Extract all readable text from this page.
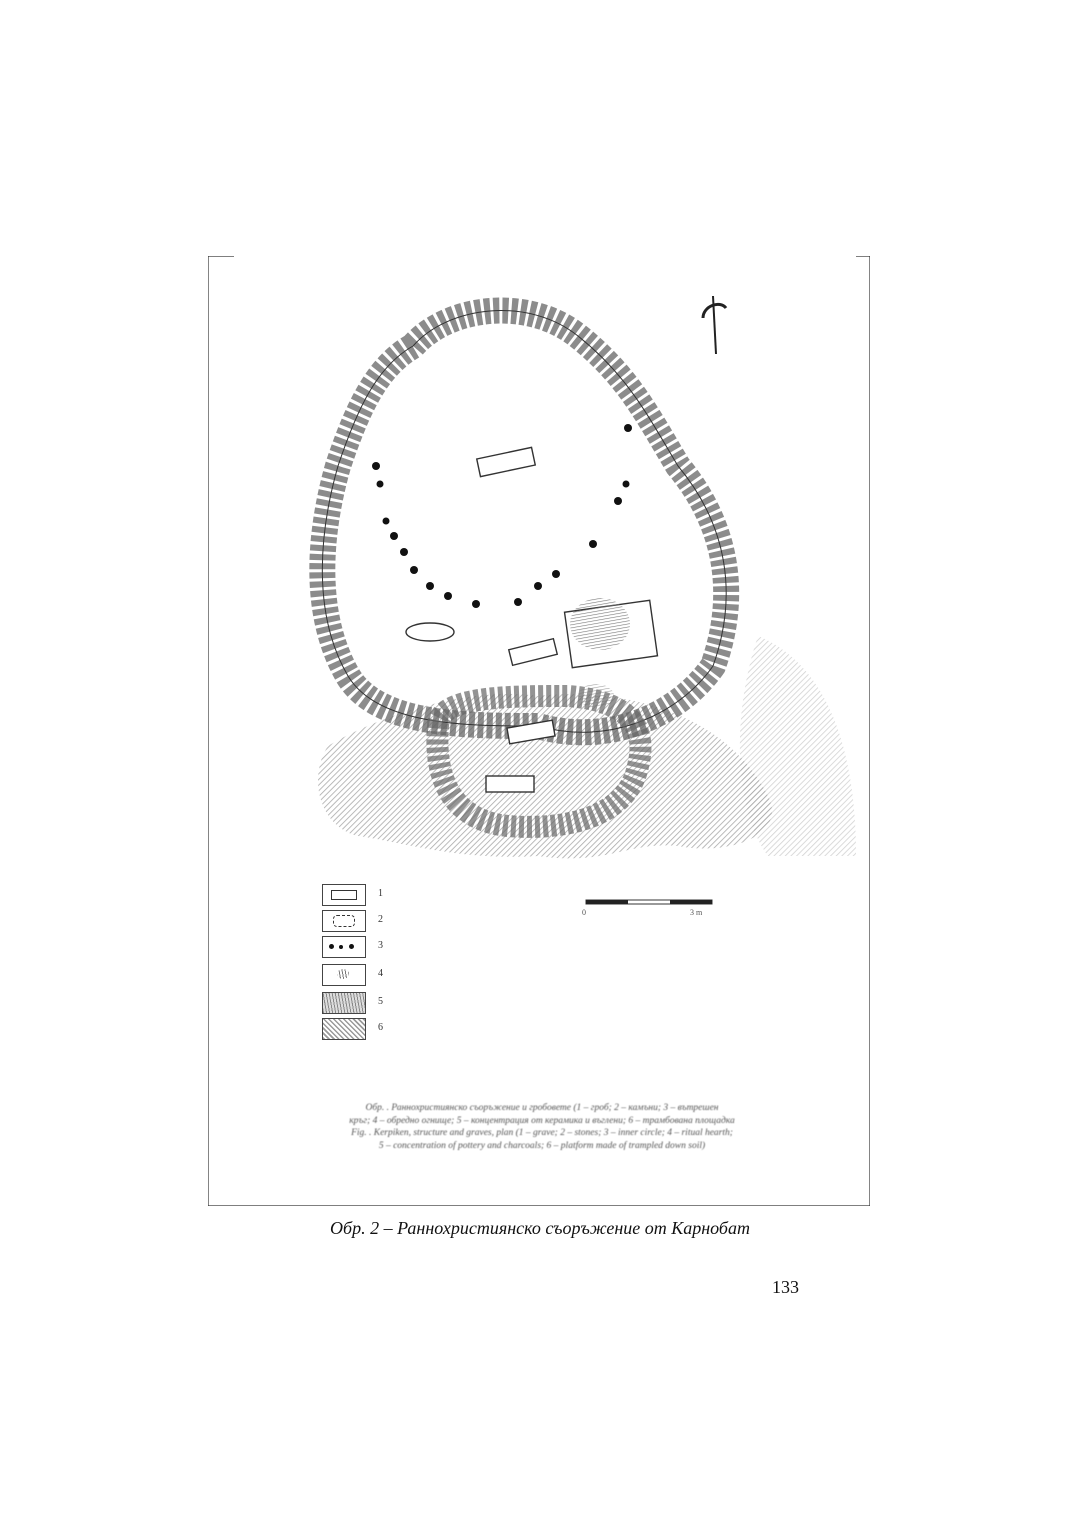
0	3 m
1
2
3
4
5
6
Обр. . Раннохристиянско съоръжение и гробовете (1 – гроб; 2 – камъни; 3 – вътрешен
кръг; 4 – обредно огнище; 5 – концентрация от керамика и въглени; 6 – трамбована площадка
Fig. . Kerpiken, structure and graves, plan (1 – grave; 2 – stones; 3 – inner circle; 4 – ritual hearth;
5 – concentration of pottery and charcoals; 6 – platform made of trampled down soil)
Обр. 2 – Раннохристиянско съоръжение от Карнобат
133
